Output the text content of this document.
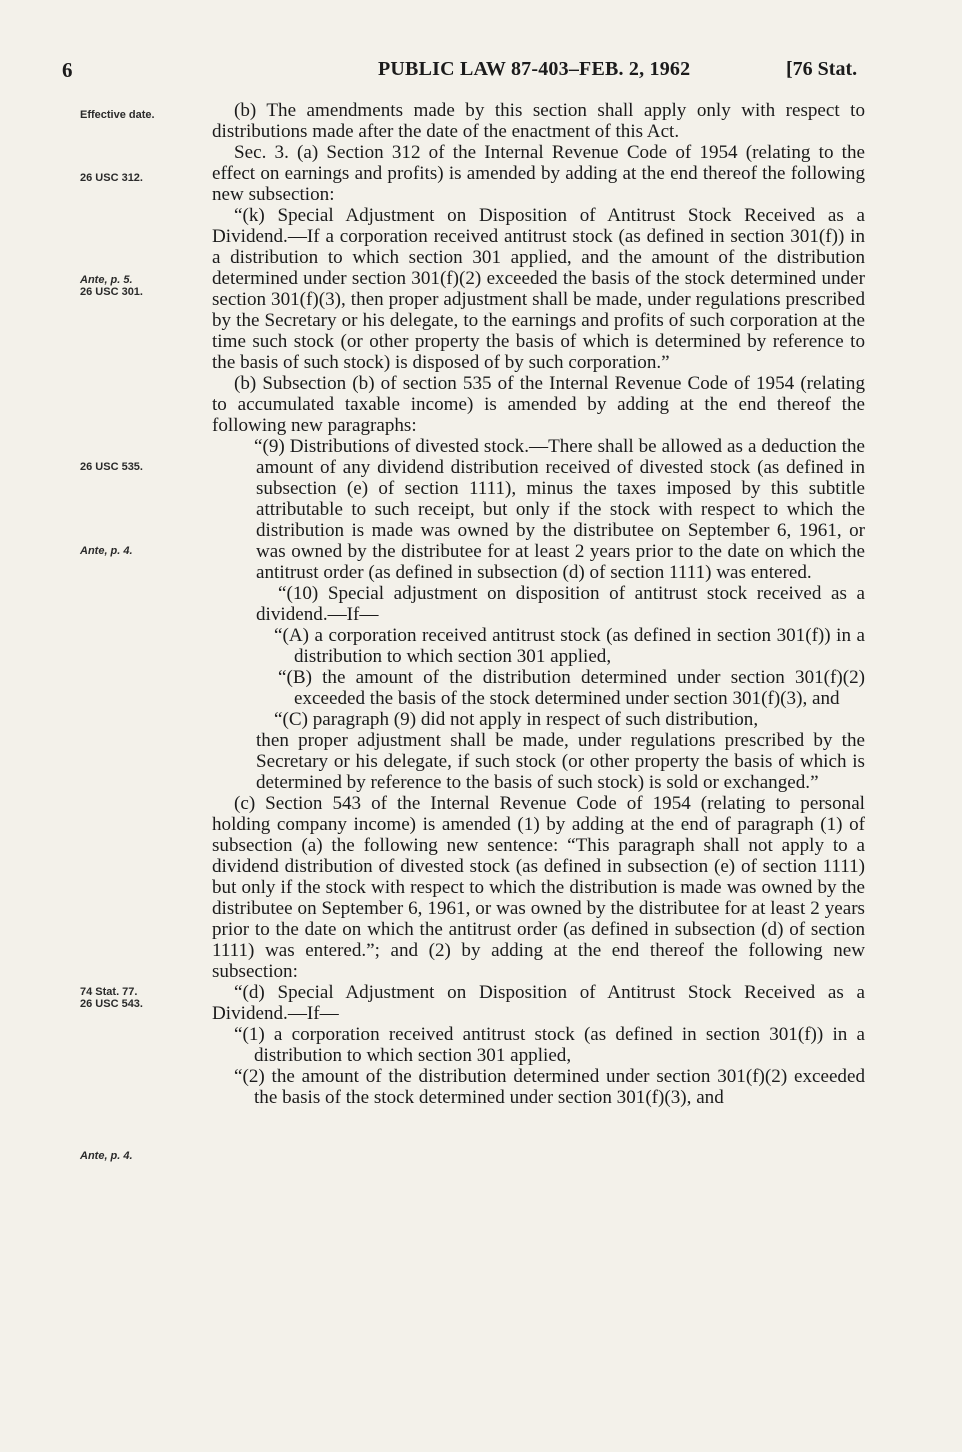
6	PUBLIC LAW 87-403–FEB. 2, 1962	[76 Stat.
Effective date.
26 USC 312.
Ante, p. 5.
26 USC 301.
26 USC 535.
Ante, p. 4.
74 Stat. 77.
26 USC 543.
Ante, p. 4.

(b) The amendments made by this section shall apply only with respect to distributions made after the date of the enactment of this Act.

Sec. 3. (a) Section 312 of the Internal Revenue Code of 1954 (relating to the effect on earnings and profits) is amended by adding at the end thereof the following new subsection:

“(k) Special Adjustment on Disposition of Antitrust Stock Received as a Dividend.—If a corporation received antitrust stock (as defined in section 301(f)) in a distribution to which section 301 applied, and the amount of the distribution determined under section 301(f)(2) exceeded the basis of the stock determined under section 301(f)(3), then proper adjustment shall be made, under regulations prescribed by the Secretary or his delegate, to the earnings and profits of such corporation at the time such stock (or other property the basis of which is determined by reference to the basis of such stock) is disposed of by such corporation.”

(b) Subsection (b) of section 535 of the Internal Revenue Code of 1954 (relating to accumulated taxable income) is amended by adding at the end thereof the following new paragraphs:

“(9) Distributions of divested stock.—There shall be allowed as a deduction the amount of any dividend distribution received of divested stock (as defined in subsection (e) of section 1111), minus the taxes imposed by this subtitle attributable to such receipt, but only if the stock with respect to which the distribution is made was owned by the distributee on September 6, 1961, or was owned by the distributee for at least 2 years prior to the date on which the antitrust order (as defined in subsection (d) of section 1111) was entered.

“(10) Special adjustment on disposition of antitrust stock received as a dividend.—If—

“(A) a corporation received antitrust stock (as defined in section 301(f)) in a distribution to which section 301 applied,

“(B) the amount of the distribution determined under section 301(f)(2) exceeded the basis of the stock determined under section 301(f)(3), and

“(C) paragraph (9) did not apply in respect of such distribution,

then proper adjustment shall be made, under regulations prescribed by the Secretary or his delegate, if such stock (or other property the basis of which is determined by reference to the basis of such stock) is sold or exchanged.”

(c) Section 543 of the Internal Revenue Code of 1954 (relating to personal holding company income) is amended (1) by adding at the end of paragraph (1) of subsection (a) the following new sentence: “This paragraph shall not apply to a dividend distribution of divested stock (as defined in subsection (e) of section 1111) but only if the stock with respect to which the distribution is made was owned by the distributee on September 6, 1961, or was owned by the distributee for at least 2 years prior to the date on which the antitrust order (as defined in subsection (d) of section 1111) was entered.”; and (2) by adding at the end thereof the following new subsection:

“(d) Special Adjustment on Disposition of Antitrust Stock Received as a Dividend.—If—

“(1) a corporation received antitrust stock (as defined in section 301(f)) in a distribution to which section 301 applied,

“(2) the amount of the distribution determined under section 301(f)(2) exceeded the basis of the stock determined under section 301(f)(3), and
